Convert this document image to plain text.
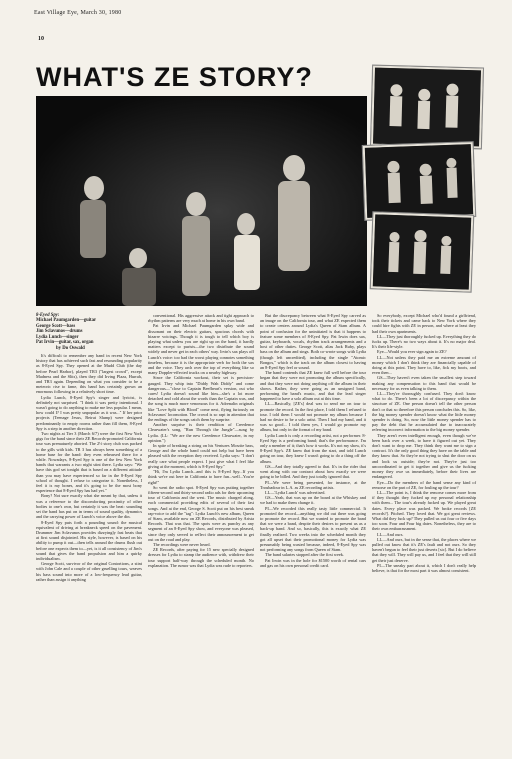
East Village Eye, March 30, 1980
10
WHAT'S ZE STORY?
BEATE NILSEN
8-Eyed Spy:
Michael Paumgarden—guitar
George Scott—bass
Jim Sclavunos—drums
Lydia Lunch—singer
Pat Irvin—guitar, sax, organ
by Do Oswald

It's difficult to remember any band in recent New York history that has achieved such fast and resounding popularity as 8-Eyed Spy. They opened at the Mudd Club (the day before Pearl Harbor), played TR3 ("largest crowd", except Madness and the Slits), then they did Irving Plaza, Hurrah, and TR3 again. Depending on what you consider to be a meteoric rise to fame, this band has certainly grown an enormous following in a relatively short time.

Lydia Lunch, 8-Eyed Spy's singer and lyricist, is definitely not surprised. "I think it was pretty intentional. I wasn't going to do anything to make me less popular. I mean, how could I? I was pretty unpopular as it was..." If her prior projects (Teenage Jesus, Beirut Slump) were designed predominantly to empty rooms rather than fill them, 8-Eyed Spy is a step in another direction.

Two nights at Tier 3 (March 6/7) were the first New York gigs for the band since their ZE Records-promoted California tour was prematurely aborted. The 2½ story club was packed to the gills with kids. TR 3 has always been something of a home base for the band: they even rehearsed there for a while. Nowadays, 8-Eyed Spy is one of the few New York bands that warrants a two night stint there. Lydia says: "We have this god set tonight that is based on a different attitude than you may have experienced so far in the 8-Eyed Spy school of thought. I refuse to categorize it. Nonetheless, I feel it is my bones, and it's going to be the most bony experience that 8-Eyed Spy has had yet."

Bony? Not sure exactly what she meant by that, unless it was a reference to the discomforting proximity of other bodies to one's own, but certainly it was the beat: sounding set the band has put on in terms of sound quality, dynamics and the carrying power of Lunch's voice above the din.

8-Eyed Spy puts forth a pounding sound: the musical equivalent of driving at breakneck speed on the pavement. Drummer Jim Sclavunos provides dizzyingly fast beats that at first sound disjointed. His style, however, is based on his ability to pump it out—then tells around the drums flush out before one expects them to—yet, is it all consistency of Jim's sound that gives the band propulsion and him a quirky individualism.

George Scott, survivor of the original Contortions, a stint with John Cale and a couple of other gruelling tours, weaves his bass sound into more of a low-frequency lead guitar, rather than assign it anything

conventional. His aggressive attack and tight approach to rhythm patterns are very much at home in his own band.

Pat Irvin and Michael Paumgarden splay wide and dissonant on their electric guitars, spacious chords with bizarre voicings. Though it is tough to tell which boy is playing what unless you are right up on the band, it hardly matters except to purists—the two distribute the sound widely and never get in each others' way. Irvin's sax plays off Lunch's voice: too bad the worst playing connotes something timeless, because it is the appropriate verb for both the sax and the voice. They arch over the top of everything like so many Doppler-effected trucks on a nearby highway.

Since the California workout, their set is precision-gauged. They whip into "Diddy Wah Diddy" and come dangerous—"close to Captain Beefheart's version, out who cares! Lydia doesn't sound like him—she's a lot more detached and cold about the words than the Captain was, and the song is much more venomous for it. Adrenalin originals like "Love Split with Blood" come next, flying furiously on Sclavunos' locomotion. The crowd is so rapt in attention that the endings of the songs catch them by surprise.

Another surprise is their rendition of Creedence Clearwater's song, "Run Through the Jungle"—sung by Lydia. (LL: "We are the new Creedence Clearwater, in my opinion.")

In spite of breaking a string on his Ventures Mosrite bass, George and the whole band could not help but have been pleased with the reception they received. Lydia says: "I don't really care what people expect. I just give what I feel like giving at the moment, which is 8-Eyed Spy."

"Hi, I'm Lydia Lunch...and this is 8-Eyed Spy...If you think we're out here in California to have fun...well...You're right!"

So went the radio spot. 8-Eyed Spy was putting together fifteen-second and thirty-second radio ads for their upcoming tour of California and the west. The music charged along, each commercial providing edits of several of their fast songs. And at the end, George S. Scott put on his best sneak rap-voice to add the "tag": Lydia Lunch's new album, Queen of Siam, available now on ZE Records, distributed by Arista Records. That was that. The spots were as punchy as any segment of an 8-Eyed Spy show, and everyone was pleased, since they only served to reflect their announcement to get out on the road and play.

The recordings were never heard.

ZE Records, after paying for 15 new specially designed dresses for Lydia to stamp the audience with, withdrew their tour support half-way through the scheduled month. No explanation. The rumor was that Lydia was rude to reporters.

But the discrepancy between what 8-Eyed Spy carved as an image on the California tour, and what ZE expected them to create centers around Lydia's Queen of Siam album. A point of confusion for the uninitiated is that it happens to feature some members of 8-Eyed Spy. Pat Irwin does sax, guitar, keyboards, vocals, rhythm track arrangements and a host of other duties. George Scott, alias Jack Ruby, plays bass on the album and sings. Both co-wrote songs with Lydia (though left uncredited), including the single "Atomic Bongos," which is the track on the album closest to having an 8-Eyed Spy feel or sound.

The band contends that ZE knew full well before the tour began that they were not promoting the album specifically, and that they were not doing anything off the album in their shows. Rather, they were going as an unsigned band, performing the band's music, and that the lead singer happened to have a solo album out at this time.

LL—Basically, [ZE's] deal was to send me on tour to promote the record. In the first place, I told them I refused to tour. I told them I would not promote my album because I had no desire to be a solo artist. Then I had my band, and it was so good... I told them yes, I would go promote my album, but only in the format of my band.

Lydia Lunch is only a recording artist, not a performer. 8-Eyed Spy is a performing band; that's the performance. I'm only a member of it; that's how it works. It's not my show, it's 8-Eyed Spy's. ZE knew that from the start, and told Lunch going on tour, they knew I wasn't going to do a thing off the album.

GS—And they totally agreed to that. It's in the rider that went along with our contract about how exactly we were going to be billed. And they just totally ignored that.

PI—We were being presented, for instance, at the Troubadour in L.A. as ZE recording artists.

LL—'Lydia Lunch' was advertised.

GS—Yeah, that was up on the board at the Whiskey and we had to make them change it.

PI—We recorded this really tasty little commercial. It promoted the record—anything we did out there was going to promote the record. But we wanted to promote the band that we were a band, despite their desires to present us as a back-up band. And so, basically, this is exactly what ZE finally realized. Two weeks into the scheduled month they got all upset that their promotional money for Lydia was presumably being wasted because, indeed, 8-Eyed Spy was not performing any songs from Queen of Siam.

The band salaries stopped after the first week.

Pat Irwin was in the hole for $1500 worth of rental cars and gas on his own personal credit card.

So everybody, except Michael who'd found a girlfriend, took their tickets and came back to New York where they could hire fights with ZE in person, and where at least they had their own apartments.

LL—They just thoroughly fucked up. Everything they do fucks up. There's no two ways about it. It's no major deal. It's their life-style.

Eye—Would you ever sign again to ZE?

LL—Not unless they paid me an extreme amount of money which I don't think they are financially capable of doing at this point. They have to, like, fick my boots, and even then...

GS—They haven't even taken the smallest step toward making any compensation to this band that would be necessary for us even talking to them.

LL—They're thoroughly confused. They don't know what to do. There's been a lot of discrepancy within the structure of ZE. One person doesn't tell the other person don't or that so therefore this person concludes this. So, like, the big money spender doesn't know what the little money spender is doing. So, now the little money spender has to pay the debt that he accumulated due to inaccurately referring incorrect information to the big money spender.

They aren't even intelligent enough, even though we've been back over a week, to have it figured out yet. They don't want to drop me. They think they want me to sign a contract. It's the only good thing they have on the table and they know that. So they're not trying to shut the door on us and look us outside; they're not. They're just too uncoordinated to get it together and give us the fucking money they owe us immediately, before their lives are endangered.

Eye—Do the members of the band sense any kind of remorse on the part of ZE, for fouling up the tour?

LL—The point is, I think the remorse comes more from if they thought they fucked up my personal relationship with them... The tour's already fucked up. We played great dates. Every place was packed. We broke records [ZE records?]. Pitched. They loved that. We got great reviews. What did they fuck up? They pulled us out four or five days too soon. Four and Four big dates. Nonetheless, they are to their own embarrassment.

LL—And ours.

LL—And ours, but in the sense that, the places where we pulled out know that it's ZE's fault and not ours. So they haven't begun to feel their just deserts [sic]. But I do believe that they will. They will pay us, and I feel that they will still get their just deserve.

PI—The sneaky part about it, which I don't really help believe, is that for the most part it was almost consistent.
